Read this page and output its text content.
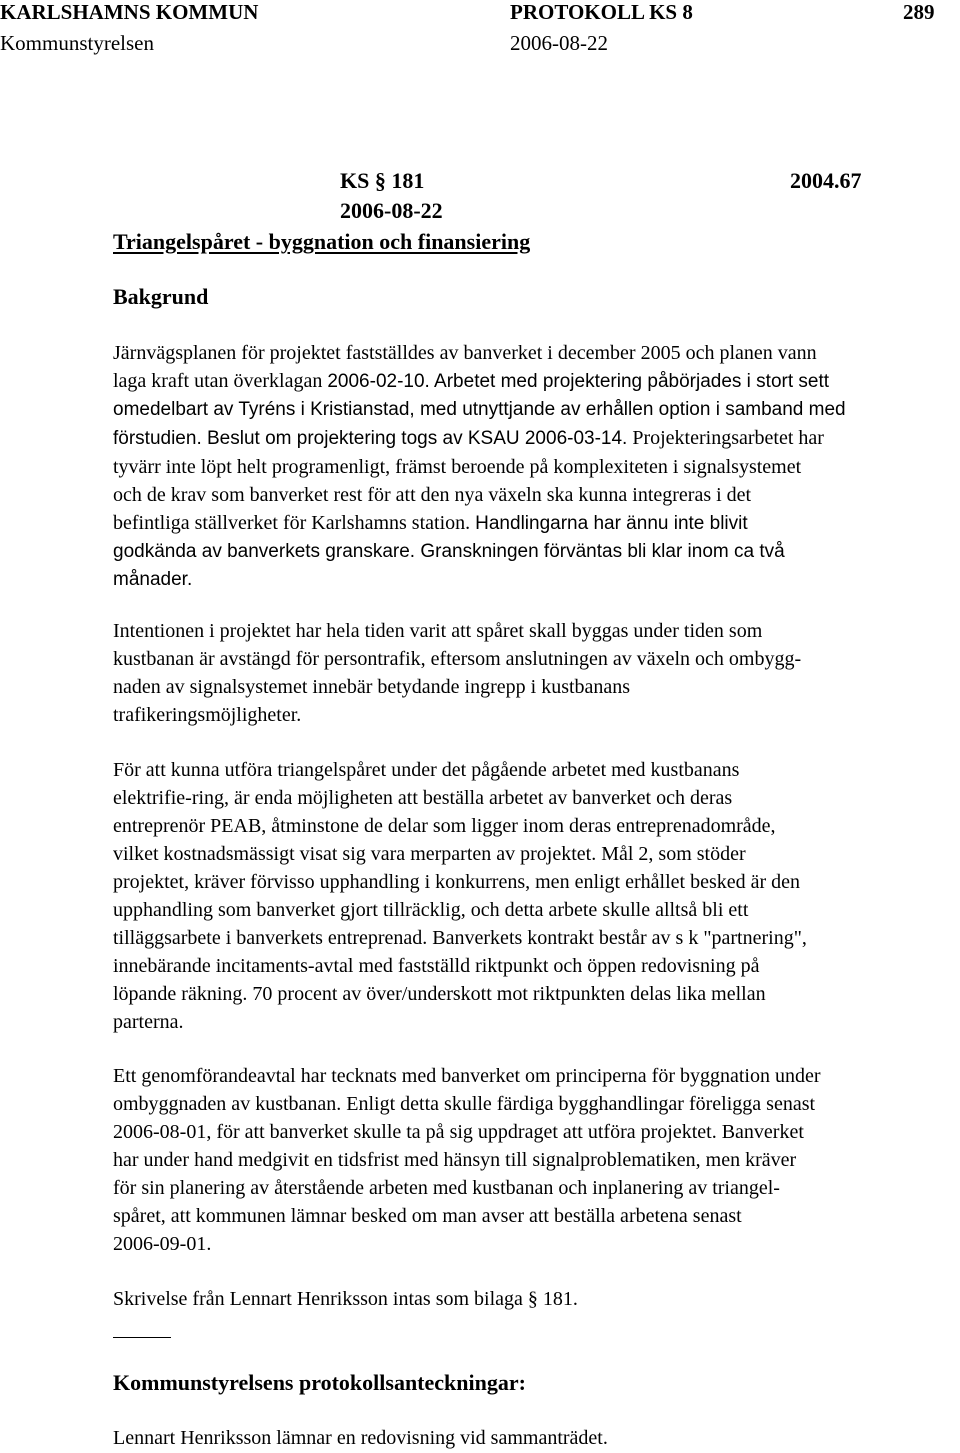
KARLSHAMNS KOMMUN	PROTOKOLL KS 8	289
Kommunstyrelsen	2006-08-22
KS § 181	2004.67
2006-08-22
Triangelspåret - byggnation och finansiering
Bakgrund

Järnvägsplanen för projektet fastställdes av banverket i december 2005 och planen vann
laga kraft utan överklagan 2006-02-10. Arbetet med projektering påbörjades i stort sett
omedelbart av Tyréns i Kristianstad, med utnyttjande av erhållen option i samband med
förstudien. Beslut om projektering togs av KSAU 2006-03-14. Projekteringsarbetet har
tyvärr inte löpt helt programenligt, främst beroende på komplexiteten i signalsystemet
och de krav som banverket rest för att den nya växeln ska kunna integreras i det
befintliga ställverket för Karlshamns station. Handlingarna har ännu inte blivit
godkända av banverkets granskare. Granskningen förväntas bli klar inom ca två
månader.

Intentionen i projektet har hela tiden varit att spåret skall byggas under tiden som
kustbanan är avstängd för persontrafik, eftersom anslutningen av växeln och ombygg-
naden av signalsystemet innebär betydande ingrepp i kustbanans
trafikeringsmöjligheter.

För att kunna utföra triangelspåret under det pågående arbetet med kustbanans
elektrifie-ring, är enda möjligheten att beställa arbetet av banverket och deras
entreprenör PEAB, åtminstone de delar som ligger inom deras entreprenadområde,
vilket kostnadsmässigt visat sig vara merparten av projektet. Mål 2, som stöder
projektet, kräver förvisso upphandling i konkurrens, men enligt erhållet besked är den
upphandling som banverket gjort tillräcklig, och detta arbete skulle alltså bli ett
tilläggsarbete i banverkets entreprenad. Banverkets kontrakt består av s k "partnering",
innebärande incitaments-avtal med fastställd riktpunkt och öppen redovisning på
löpande räkning. 70 procent av över/underskott mot riktpunkten delas lika mellan
parterna.

Ett genomförandeavtal har tecknats med banverket om principerna för byggnation under
ombyggnaden av kustbanan. Enligt detta skulle färdiga bygghandlingar föreligga senast
2006-08-01, för att banverket skulle ta på sig uppdraget att utföra projektet. Banverket
har under hand medgivit en tidsfrist med hänsyn till signalproblematiken, men kräver
för sin planering av återstående arbeten med kustbanan och inplanering av triangel-
spåret, att kommunen lämnar besked om man avser att beställa arbetena senast
2006-09-01.

Skrivelse från Lennart Henriksson intas som bilaga § 181.

Kommunstyrelsens protokollsanteckningar:

Lennart Henriksson lämnar en redovisning vid sammanträdet.
